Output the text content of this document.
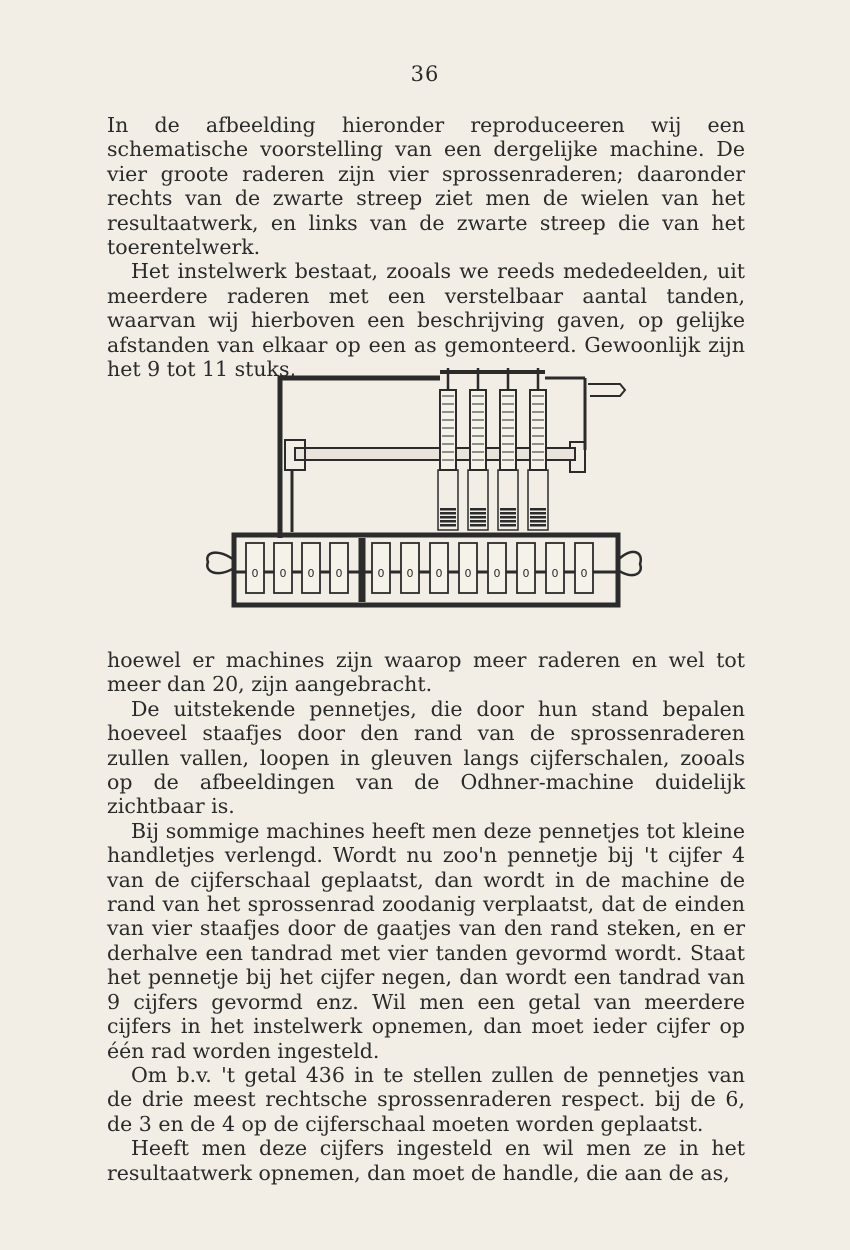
36

In de afbeelding hieronder reproduceeren wij een schematische voorstelling van een dergelijke machine. De vier groote raderen zijn vier sprossenraderen; daaronder rechts van de zwarte streep ziet men de wielen van het resultaatwerk, en links van de zwarte streep die van het toerentelwerk.

Het instelwerk bestaat, zooals we reeds mededeelden, uit meerdere raderen met een verstelbaar aantal tanden, waarvan wij hierboven een beschrijving gaven, op gelijke afstanden van elkaar op een as gemonteerd. Gewoonlijk zijn het 9 tot 11 stuks,

0 0 0 0	0 0 0 0 0 0 0 0

hoewel er machines zijn waarop meer raderen en wel tot meer dan 20, zijn aangebracht.

De uitstekende pennetjes, die door hun stand bepalen hoeveel staafjes door den rand van de sprossenraderen zullen vallen, loopen in gleuven langs cijferschalen, zooals op de afbeeldingen van de Odhner-machine duidelijk zichtbaar is.

Bij sommige machines heeft men deze pennetjes tot kleine handletjes verlengd. Wordt nu zoo'n pennetje bij 't cijfer 4 van de cijferschaal geplaatst, dan wordt in de machine de rand van het sprossenrad zoodanig verplaatst, dat de einden van vier staafjes door de gaatjes van den rand steken, en er derhalve een tandrad met vier tanden gevormd wordt. Staat het pennetje bij het cijfer negen, dan wordt een tandrad van 9 cijfers gevormd enz. Wil men een getal van meerdere cijfers in het instelwerk opnemen, dan moet ieder cijfer op één rad worden ingesteld.

Om b.v. 't getal 436 in te stellen zullen de pennetjes van de drie meest rechtsche sprossenraderen respect. bij de 6, de 3 en de 4 op de cijferschaal moeten worden geplaatst.

Heeft men deze cijfers ingesteld en wil men ze in het resultaatwerk opnemen, dan moet de handle, die aan de as,
